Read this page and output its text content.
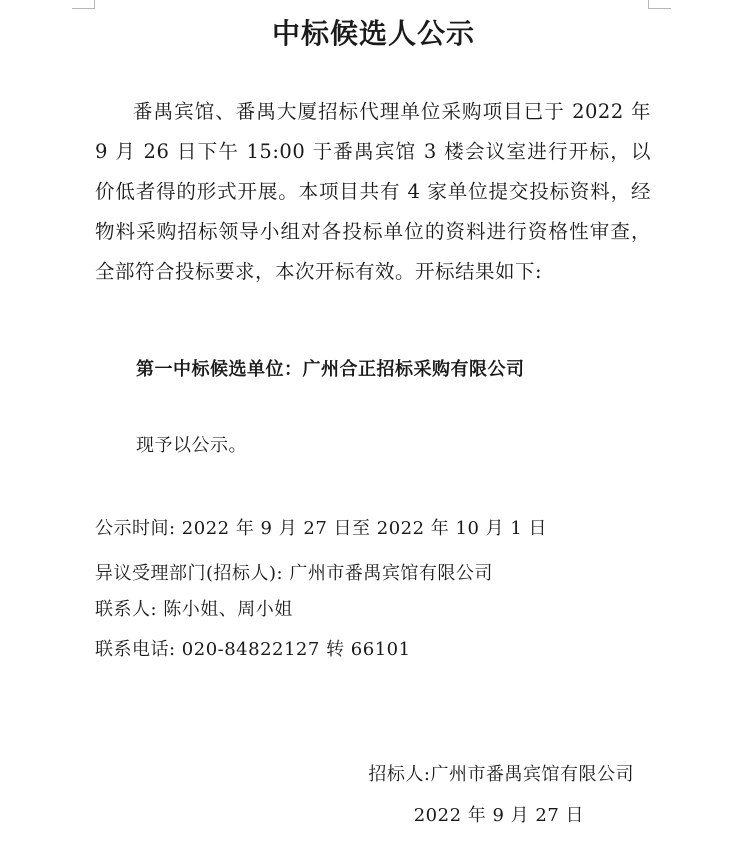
中标候选人公示
番禺宾馆、番禺大厦招标代理单位采购项目已于 2022 年 9 月 26 日下午 15:00 于番禺宾馆 3 楼会议室进行开标，以价低者得的形式开展。本项目共有 4 家单位提交投标资料，经物料采购招标领导小组对各投标单位的资料进行资格性审查，全部符合投标要求，本次开标有效。开标结果如下:
第一中标候选单位：广州合正招标采购有限公司
现予以公示。
公示时间: 2022 年 9 月 27 日至 2022 年 10 月 1 日
异议受理部门(招标人): 广州市番禺宾馆有限公司
联系人: 陈小姐、周小姐
联系电话: 020-84822127 转 66101
招标人:广州市番禺宾馆有限公司
2022 年 9 月 27 日
